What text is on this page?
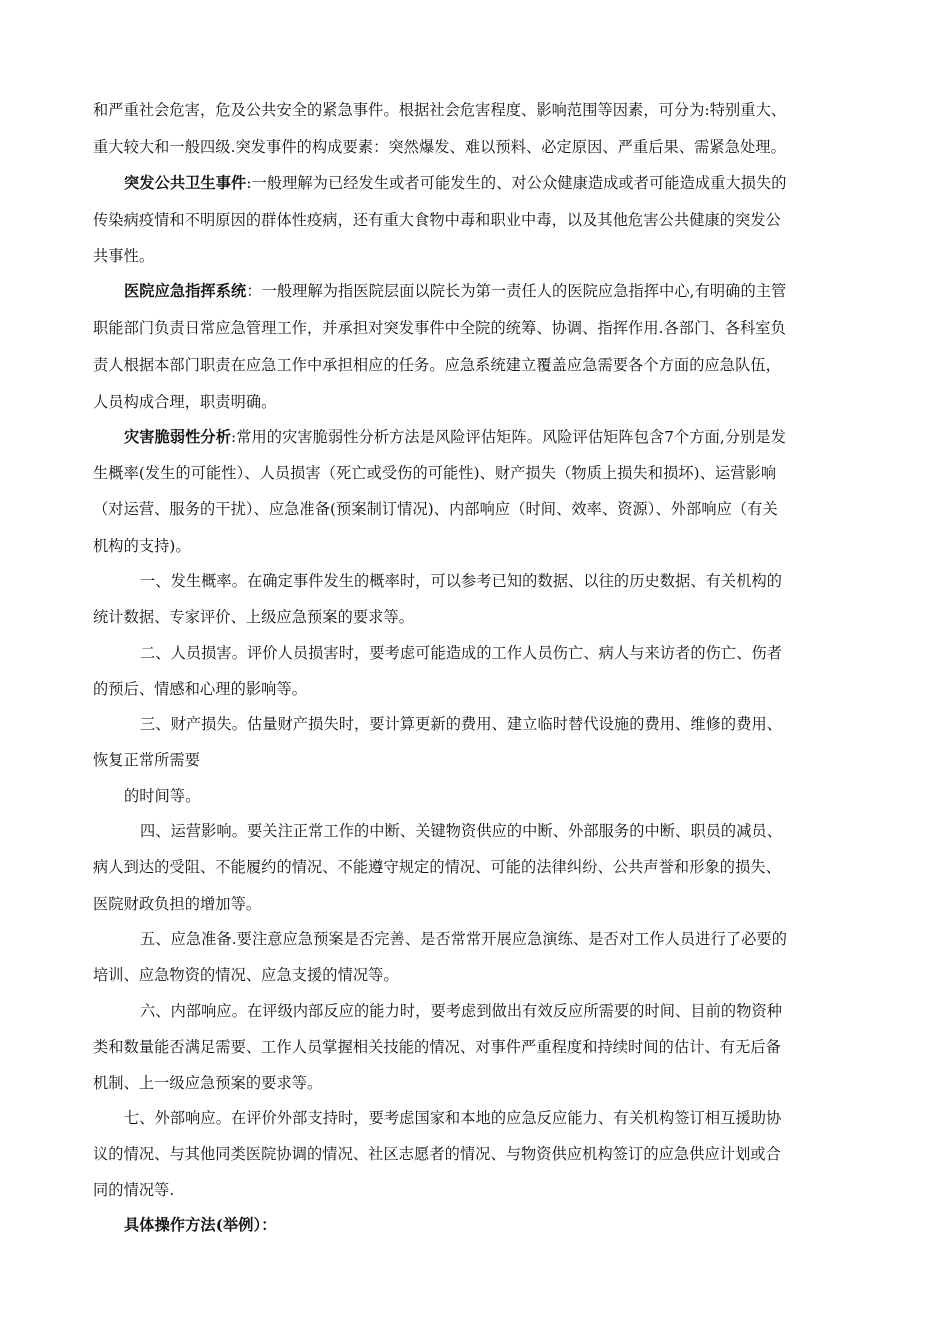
和严重社会危害，危及公共安全的紧急事件。根据社会危害程度、影响范围等因素，可分为:特别重大、
重大较大和一般四级.突发事件的构成要素：突然爆发、难以预料、必定原因、严重后果、需紧急处理。
突发公共卫生事件:一般理解为已经发生或者可能发生的、对公众健康造成或者可能造成重大损失的
传染病疫情和不明原因的群体性疫病，还有重大食物中毒和职业中毒，以及其他危害公共健康的突发公
共事性。
医院应急指挥系统：一般理解为指医院层面以院长为第一责任人的医院应急指挥中心,有明确的主管
职能部门负责日常应急管理工作，并承担对突发事件中全院的统筹、协调、指挥作用.各部门、各科室负
责人根据本部门职责在应急工作中承担相应的任务。应急系统建立覆盖应急需要各个方面的应急队伍，
人员构成合理，职责明确。
灾害脆弱性分析:常用的灾害脆弱性分析方法是风险评估矩阵。风险评估矩阵包含7个方面,分别是发
生概率(发生的可能性）、人员损害（死亡或受伤的可能性)、财产损失（物质上损失和损坏)、运营影响
（对运营、服务的干扰）、应急准备(预案制订情况)、内部响应（时间、效率、资源）、外部响应（有关
机构的支持)。
一、发生概率。在确定事件发生的概率时，可以参考已知的数据、以往的历史数据、有关机构的
统计数据、专家评价、上级应急预案的要求等。
二、人员损害。评价人员损害时，要考虑可能造成的工作人员伤亡、病人与来访者的伤亡、伤者
的预后、情感和心理的影响等。
三、财产损失。估量财产损失时，要计算更新的费用、建立临时替代设施的费用、维修的费用、
恢复正常所需要
的时间等。
四、运营影响。要关注正常工作的中断、关键物资供应的中断、外部服务的中断、职员的减员、
病人到达的受阻、不能履约的情况、不能遵守规定的情况、可能的法律纠纷、公共声誉和形象的损失、
医院财政负担的增加等。
五、应急准备.要注意应急预案是否完善、是否常常开展应急演练、是否对工作人员进行了必要的
培训、应急物资的情况、应急支援的情况等。
六、内部响应。在评级内部反应的能力时，要考虑到做出有效反应所需要的时间、目前的物资种
类和数量能否满足需要、工作人员掌握相关技能的情况、对事件严重程度和持续时间的估计、有无后备
机制、上一级应急预案的要求等。
七、外部响应。在评价外部支持时，要考虑国家和本地的应急反应能力、有关机构签订相互援助协
议的情况、与其他同类医院协调的情况、社区志愿者的情况、与物资供应机构签订的应急供应计划或合
同的情况等.
具体操作方法(举例）：
